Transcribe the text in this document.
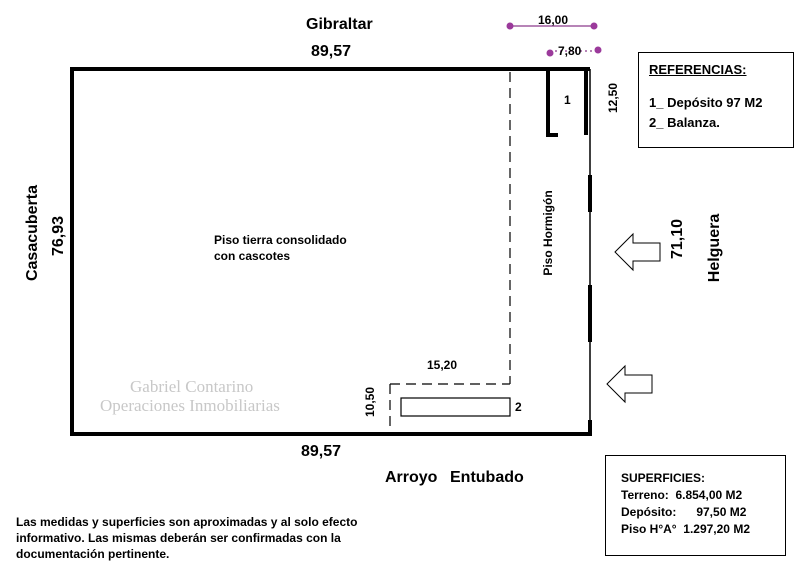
Gibraltar
Casacuberta	Helguera
Arroyo Entubado
89,57
89,57
76,93	71,10
16,00
7,80
12,50
10,50
15,20
Piso tierra consolidado
con cascotes	Piso Hormigón
1
2
Gabriel Contarino
Operaciones Inmobiliarias
REFERENCIAS:
1_ Depósito 97 M2
2_ Balanza.
SUPERFICIES:
Terreno:  6.854,00 M2
Depósito:      97,50 M2
Piso H°A°  1.297,20 M2
Las medidas y superficies son aproximadas y al solo efecto
informativo. Las mismas deberán ser confirmadas con la
documentación pertinente.
